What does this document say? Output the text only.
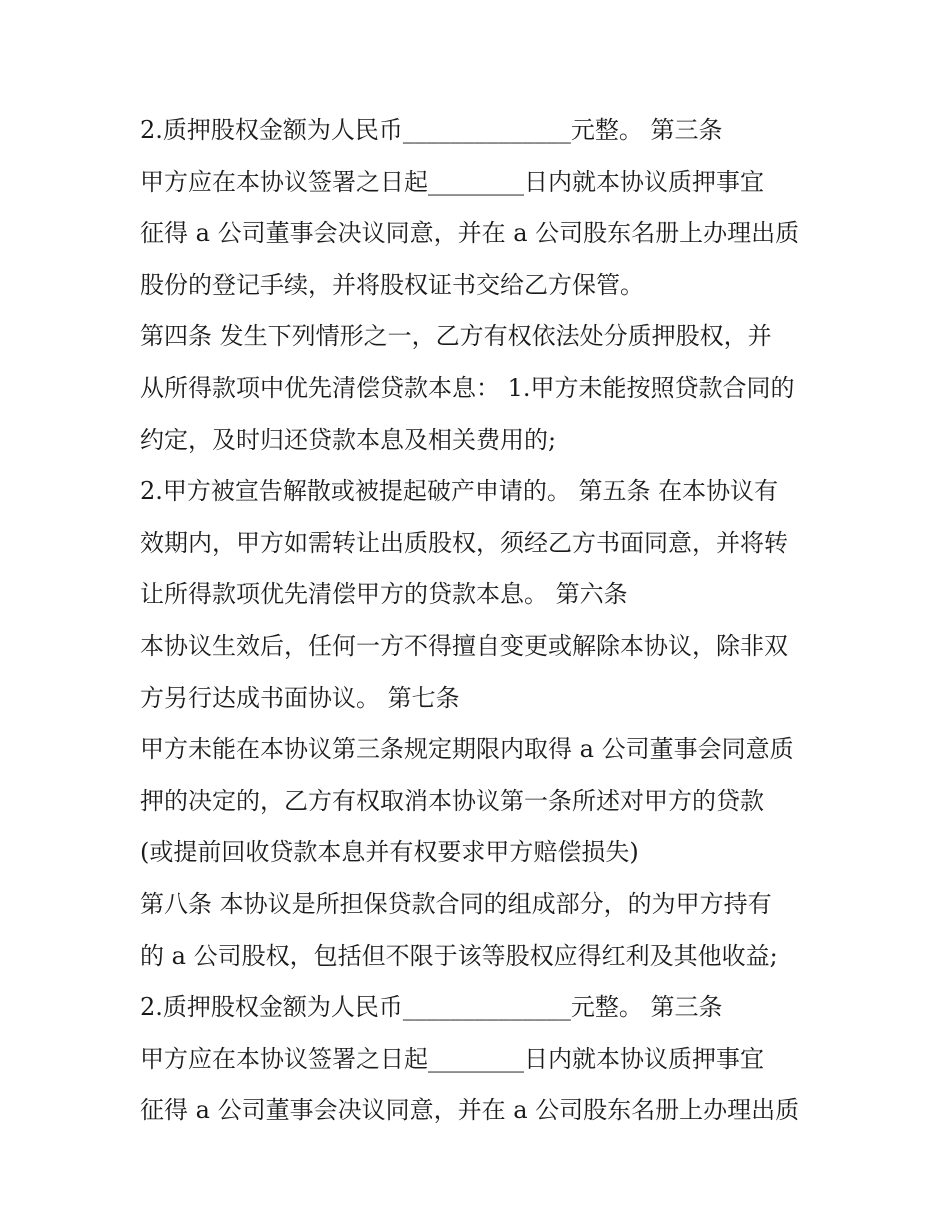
2.质押股权金额为人民币______________元整。 第三条
甲方应在本协议签署之日起________日内就本协议质押事宜
征得 a 公司董事会决议同意，并在 a 公司股东名册上办理出质
股份的登记手续，并将股权证书交给乙方保管。
第四条 发生下列情形之一，乙方有权依法处分质押股权，并
从所得款项中优先清偿贷款本息： 1.甲方未能按照贷款合同的
约定，及时归还贷款本息及相关费用的;
2.甲方被宣告解散或被提起破产申请的。 第五条 在本协议有
效期内，甲方如需转让出质股权，须经乙方书面同意，并将转
让所得款项优先清偿甲方的贷款本息。 第六条
本协议生效后，任何一方不得擅自变更或解除本协议，除非双
方另行达成书面协议。 第七条
甲方未能在本协议第三条规定期限内取得 a 公司董事会同意质
押的决定的，乙方有权取消本协议第一条所述对甲方的贷款
(或提前回收贷款本息并有权要求甲方赔偿损失)
第八条 本协议是所担保贷款合同的组成部分，的为甲方持有
的 a 公司股权，包括但不限于该等股权应得红利及其他收益;
2.质押股权金额为人民币______________元整。 第三条
甲方应在本协议签署之日起________日内就本协议质押事宜
征得 a 公司董事会决议同意，并在 a 公司股东名册上办理出质
